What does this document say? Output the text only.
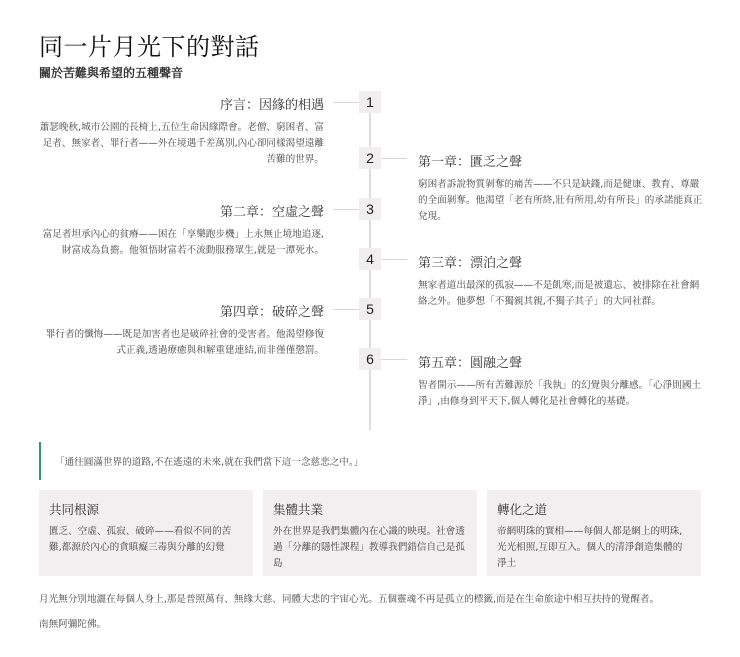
同一片月光下的對話
關於苦難與希望的五種聲音
1
2
3
4
5
6
序言：因緣的相遇
蕭瑟晚秋,城市公園的長椅上,五位生命因緣際會。老僧、窮困者、富足者、無家者、罪行者——外在境遇千差萬別,內心卻同樣渴望遠離苦難的世界。	第一章：匱乏之聲
窮困者訴說物質剝奪的痛苦——不只是缺錢,而是健康、教育、尊嚴的全面剝奪。他渴望「老有所終,壯有所用,幼有所長」的承諾能真正兌現。
第二章：空虛之聲
富足者坦承內心的貧瘠——困在「享樂跑步機」上永無止境地追逐,財富成為負擔。他領悟財富若不流動服務眾生,就是一潭死水。
第三章：漂泊之聲
無家者道出最深的孤寂——不是飢寒,而是被遺忘、被排除在社會網絡之外。他夢想「不獨親其親,不獨子其子」的大同社群。
第四章：破碎之聲
罪行者的懺悔——既是加害者也是破碎社會的受害者。他渴望修復式正義,透過療癒與和解重建連結,而非僅僅懲罰。
第五章：圓融之聲
智者開示——所有苦難源於「我執」的幻覺與分離感。「心淨則國土淨」,由修身到平天下,個人轉化是社會轉化的基礎。
「通往圓滿世界的道路,不在遙遠的未來,就在我們當下這一念慈悲之中。」
共同根源
匱乏、空虛、孤寂、破碎——看似不同的苦難,都源於內心的貪瞋癡三毒與分離的幻覺
集體共業
外在世界是我們集體內在心識的映現。社會透過「分離的隱性課程」教導我們錯信自己是孤島
轉化之道
帝網明珠的實相——每個人都是網上的明珠,光光相照,互即互入。個人的清淨創造集體的淨土

月光無分別地灑在每個人身上,那是普照萬有、無緣大慈、同體大悲的宇宙心光。五個靈魂不再是孤立的標籤,而是在生命旅途中相互扶持的覺醒者。

南無阿彌陀佛。
